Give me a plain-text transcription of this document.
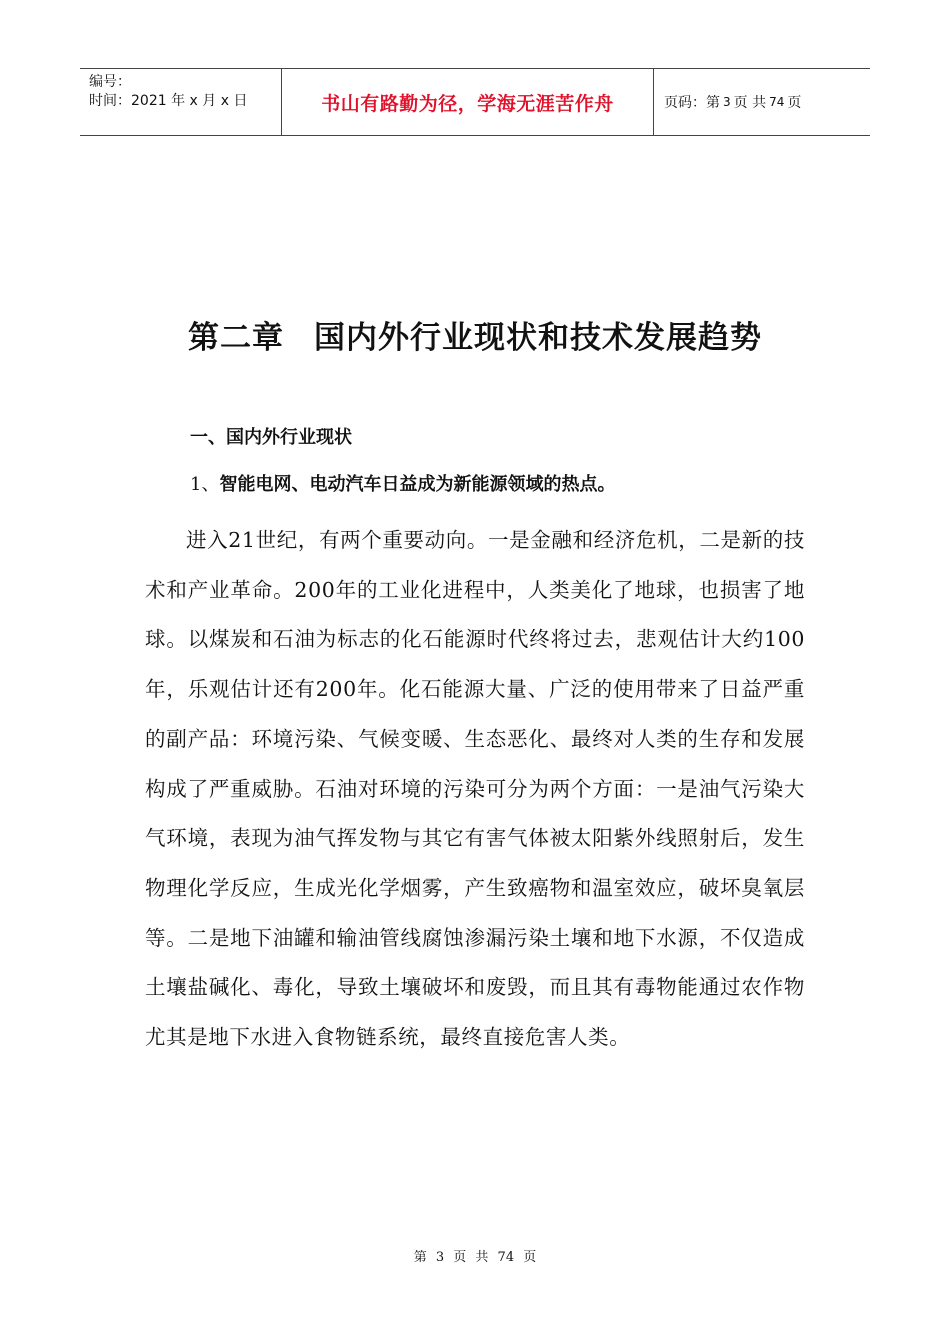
编号：
时间：2021 年 x 月 x 日	书山有路勤为径，学海无涯苦作舟	页码：第 3 页 共 74 页
第二章 国内外行业现状和技术发展趋势
一、国内外行业现状
1、智能电网、电动汽车日益成为新能源领域的热点。

进入21世纪，有两个重要动向。一是金融和经济危机，二是新的技术和产业革命。200年的工业化进程中，人类美化了地球，也损害了地球。以煤炭和石油为标志的化石能源时代终将过去，悲观估计大约100年，乐观估计还有200年。化石能源大量、广泛的使用带来了日益严重的副产品：环境污染、气候变暖、生态恶化、最终对人类的生存和发展构成了严重威胁。石油对环境的污染可分为两个方面：一是油气污染大气环境，表现为油气挥发物与其它有害气体被太阳紫外线照射后，发生物理化学反应，生成光化学烟雾，产生致癌物和温室效应，破坏臭氧层等。二是地下油罐和输油管线腐蚀渗漏污染土壤和地下水源，不仅造成土壤盐碱化、毒化，导致土壤破坏和废毁，而且其有毒物能通过农作物尤其是地下水进入食物链系统，最终直接危害人类。

第 3 页 共 74 页
